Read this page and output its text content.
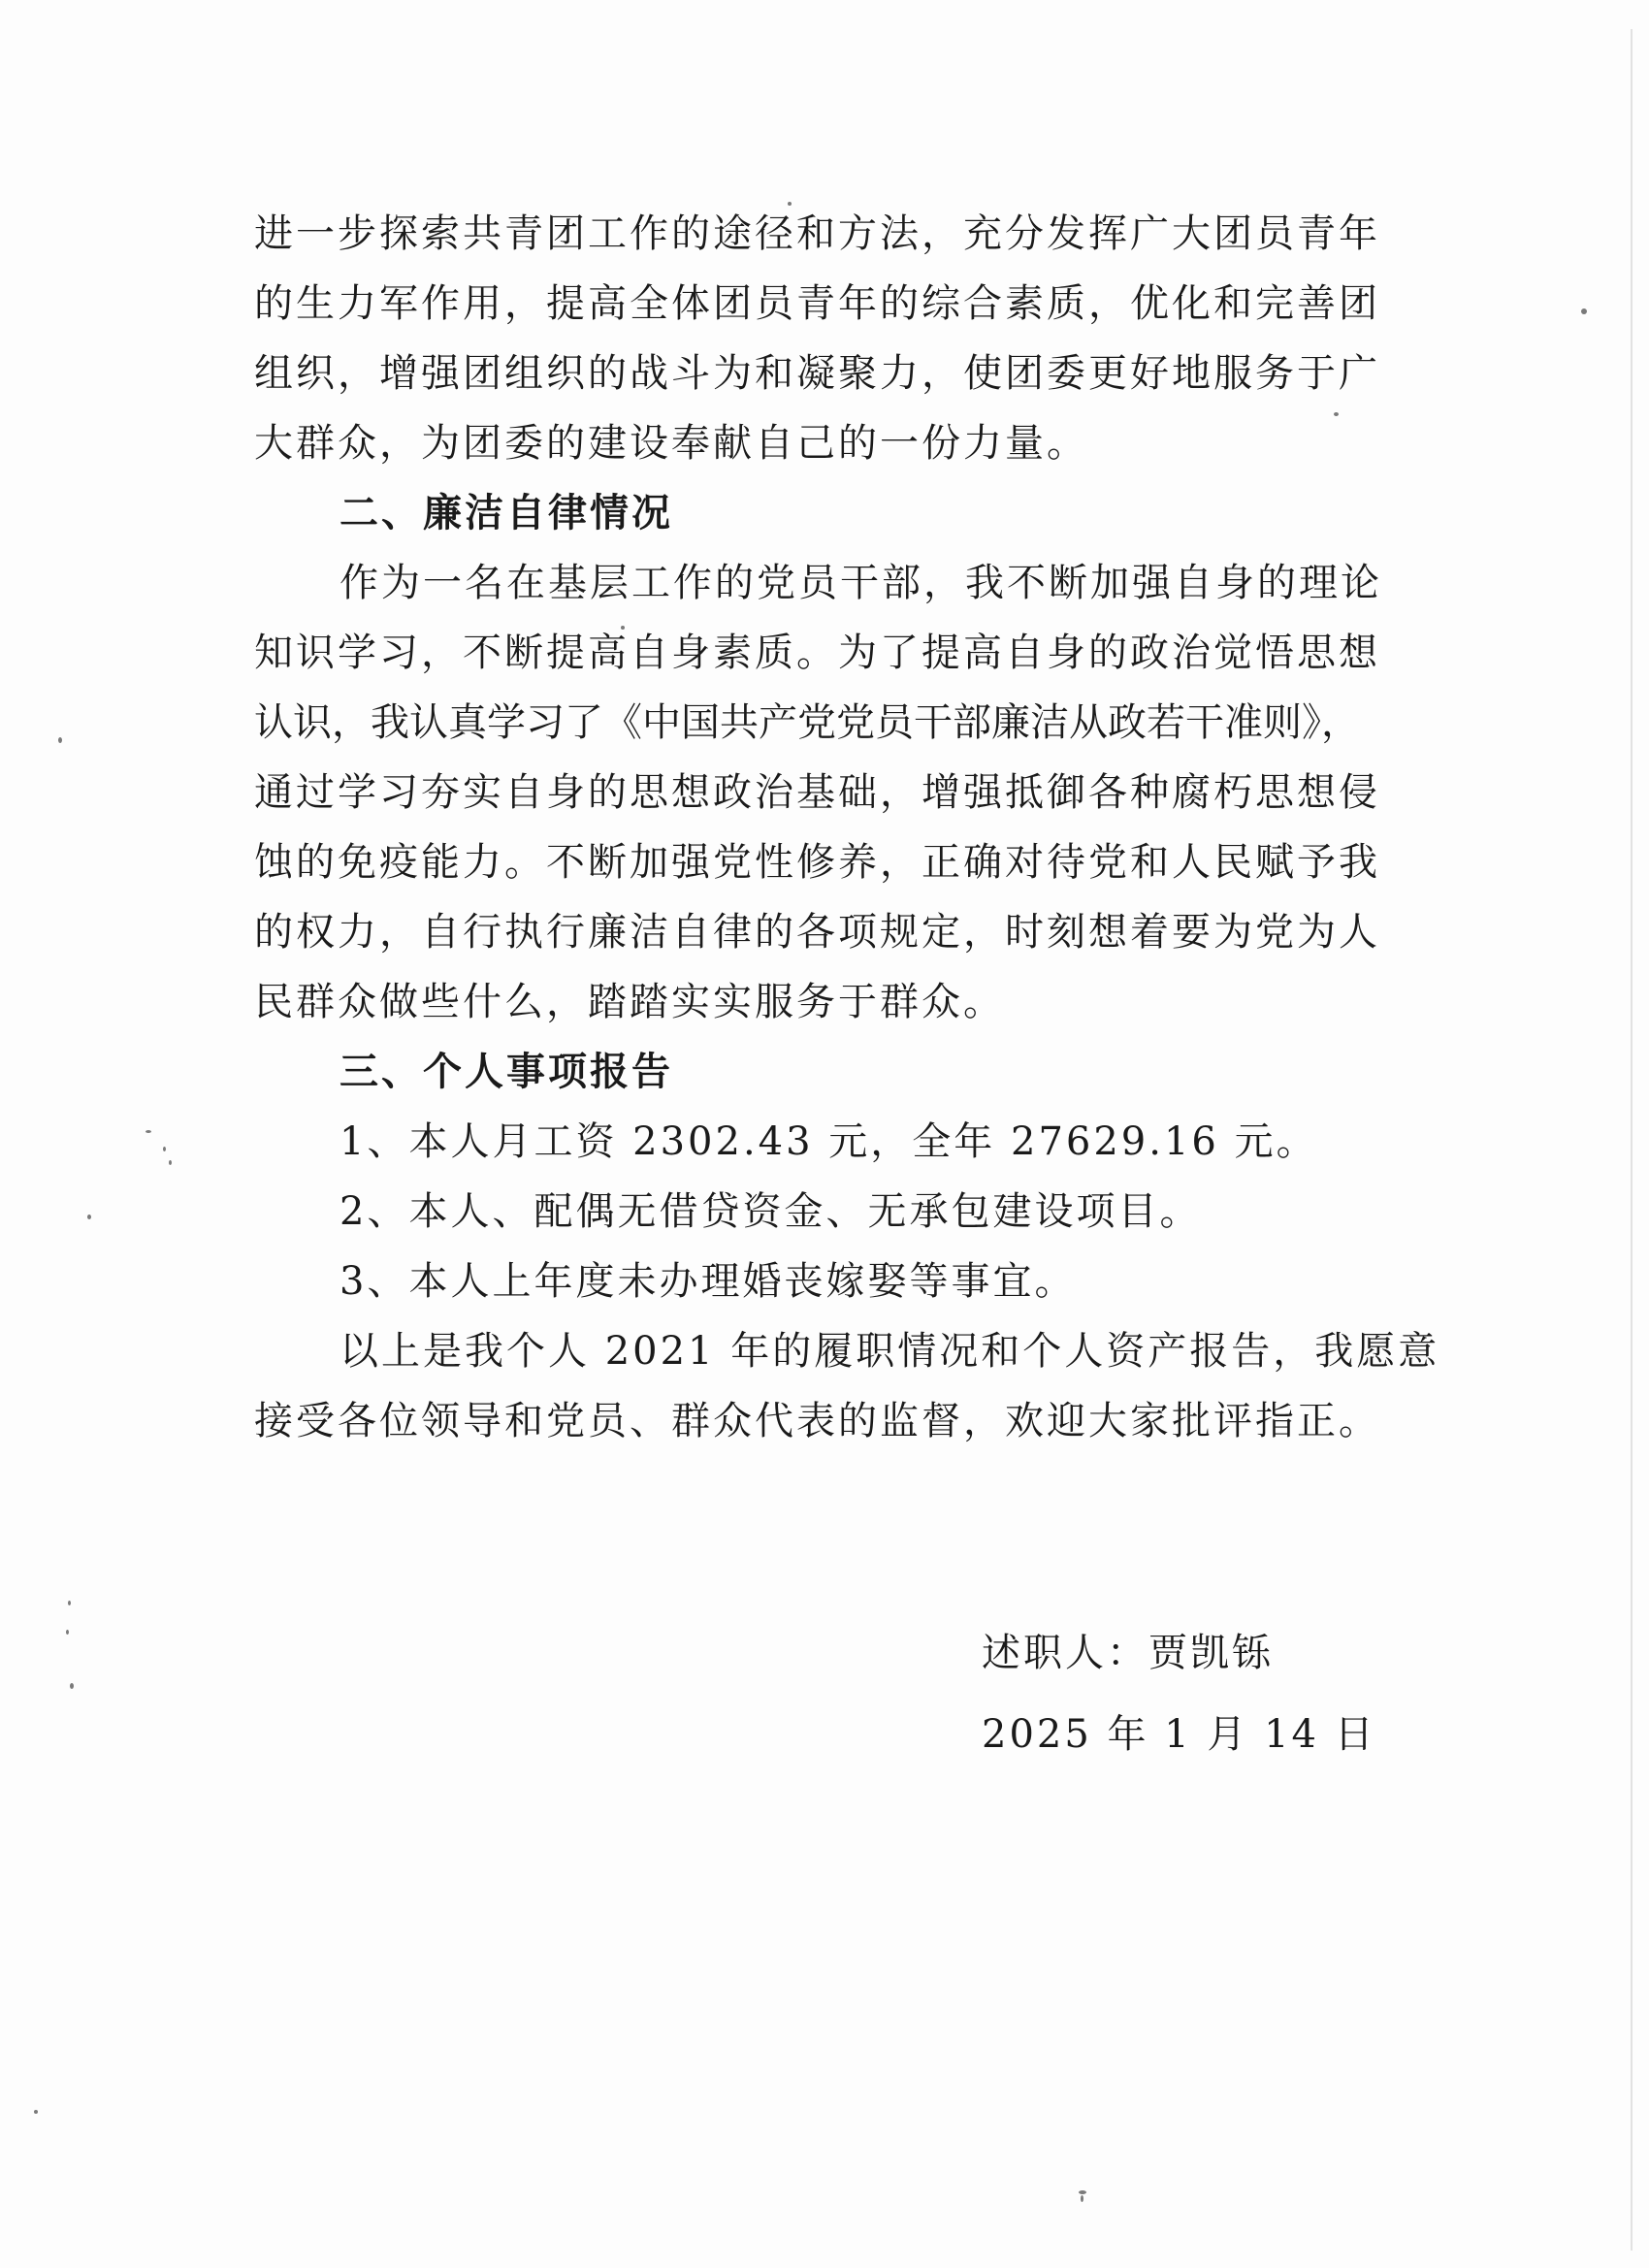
进一步探索共青团工作的途径和方法，充分发挥广大团员青年
的生力军作用，提高全体团员青年的综合素质，优化和完善团
组织，增强团组织的战斗为和凝聚力，使团委更好地服务于广
大群众，为团委的建设奉献自己的一份力量。
二、廉洁自律情况
作为一名在基层工作的党员干部，我不断加强自身的理论
知识学习，不断提高自身素质。为了提高自身的政治觉悟思想
认识，我认真学习了《中国共产党党员干部廉洁从政若干准则》，
通过学习夯实自身的思想政治基础，增强抵御各种腐朽思想侵
蚀的免疫能力。不断加强党性修养，正确对待党和人民赋予我
的权力，自行执行廉洁自律的各项规定，时刻想着要为党为人
民群众做些什么，踏踏实实服务于群众。
三、个人事项报告
1、本人月工资 2302.43 元，全年 27629.16 元。
2、本人、配偶无借贷资金、无承包建设项目。
3、本人上年度未办理婚丧嫁娶等事宜。
以上是我个人 2021 年的履职情况和个人资产报告，我愿意
接受各位领导和党员、群众代表的监督，欢迎大家批评指正。
述职人：贾凯铄
2025 年 1 月 14 日
